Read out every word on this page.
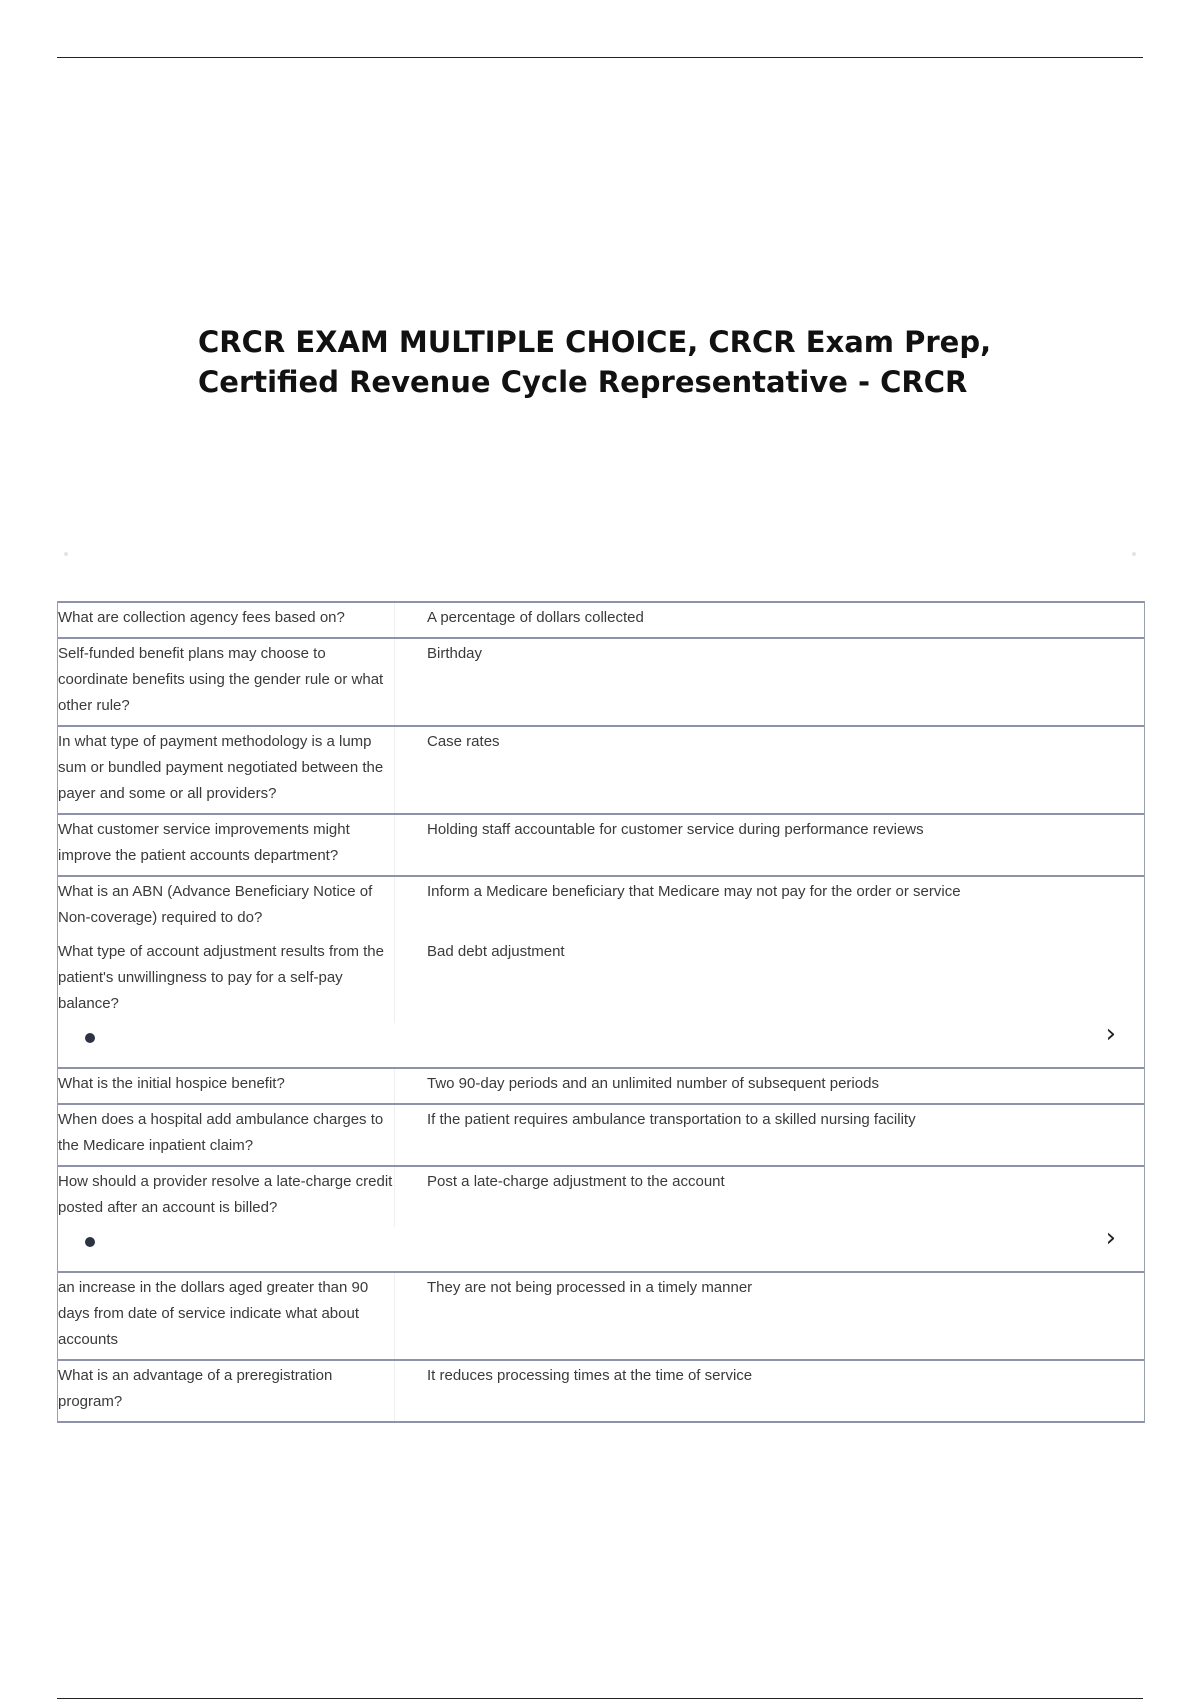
CRCR EXAM MULTIPLE CHOICE, CRCR Exam Prep,
Certified Revenue Cycle Representative - CRCR
What are collection agency fees based on?	A percentage of dollars collected
Self-funded benefit plans may choose to coordinate benefits using the gender rule or what other rule?
Birthday
In what type of payment methodology is a lump sum or bundled payment negotiated between the payer and some or all providers?
Case rates
What customer service improvements might improve the patient accounts department?
Holding staff accountable for customer service during performance reviews
What is an ABN (Advance Beneficiary Notice of Non-coverage) required to do?
Inform a Medicare beneficiary that Medicare may not pay for the order or service
What type of account adjustment results from the patient's unwillingness to pay for a self-pay balance?
Bad debt adjustment
›
What is the initial hospice benefit?	Two 90-day periods and an unlimited number of subsequent periods
When does a hospital add ambulance charges to the Medicare inpatient claim?
If the patient requires ambulance transportation to a skilled nursing facility
How should a provider resolve a late-charge credit posted after an account is billed?
Post a late-charge adjustment to the account
›
an increase in the dollars aged greater than 90 days from date of service indicate what about accounts
They are not being processed in a timely manner
What is an advantage of a preregistration program?
It reduces processing times at the time of service
